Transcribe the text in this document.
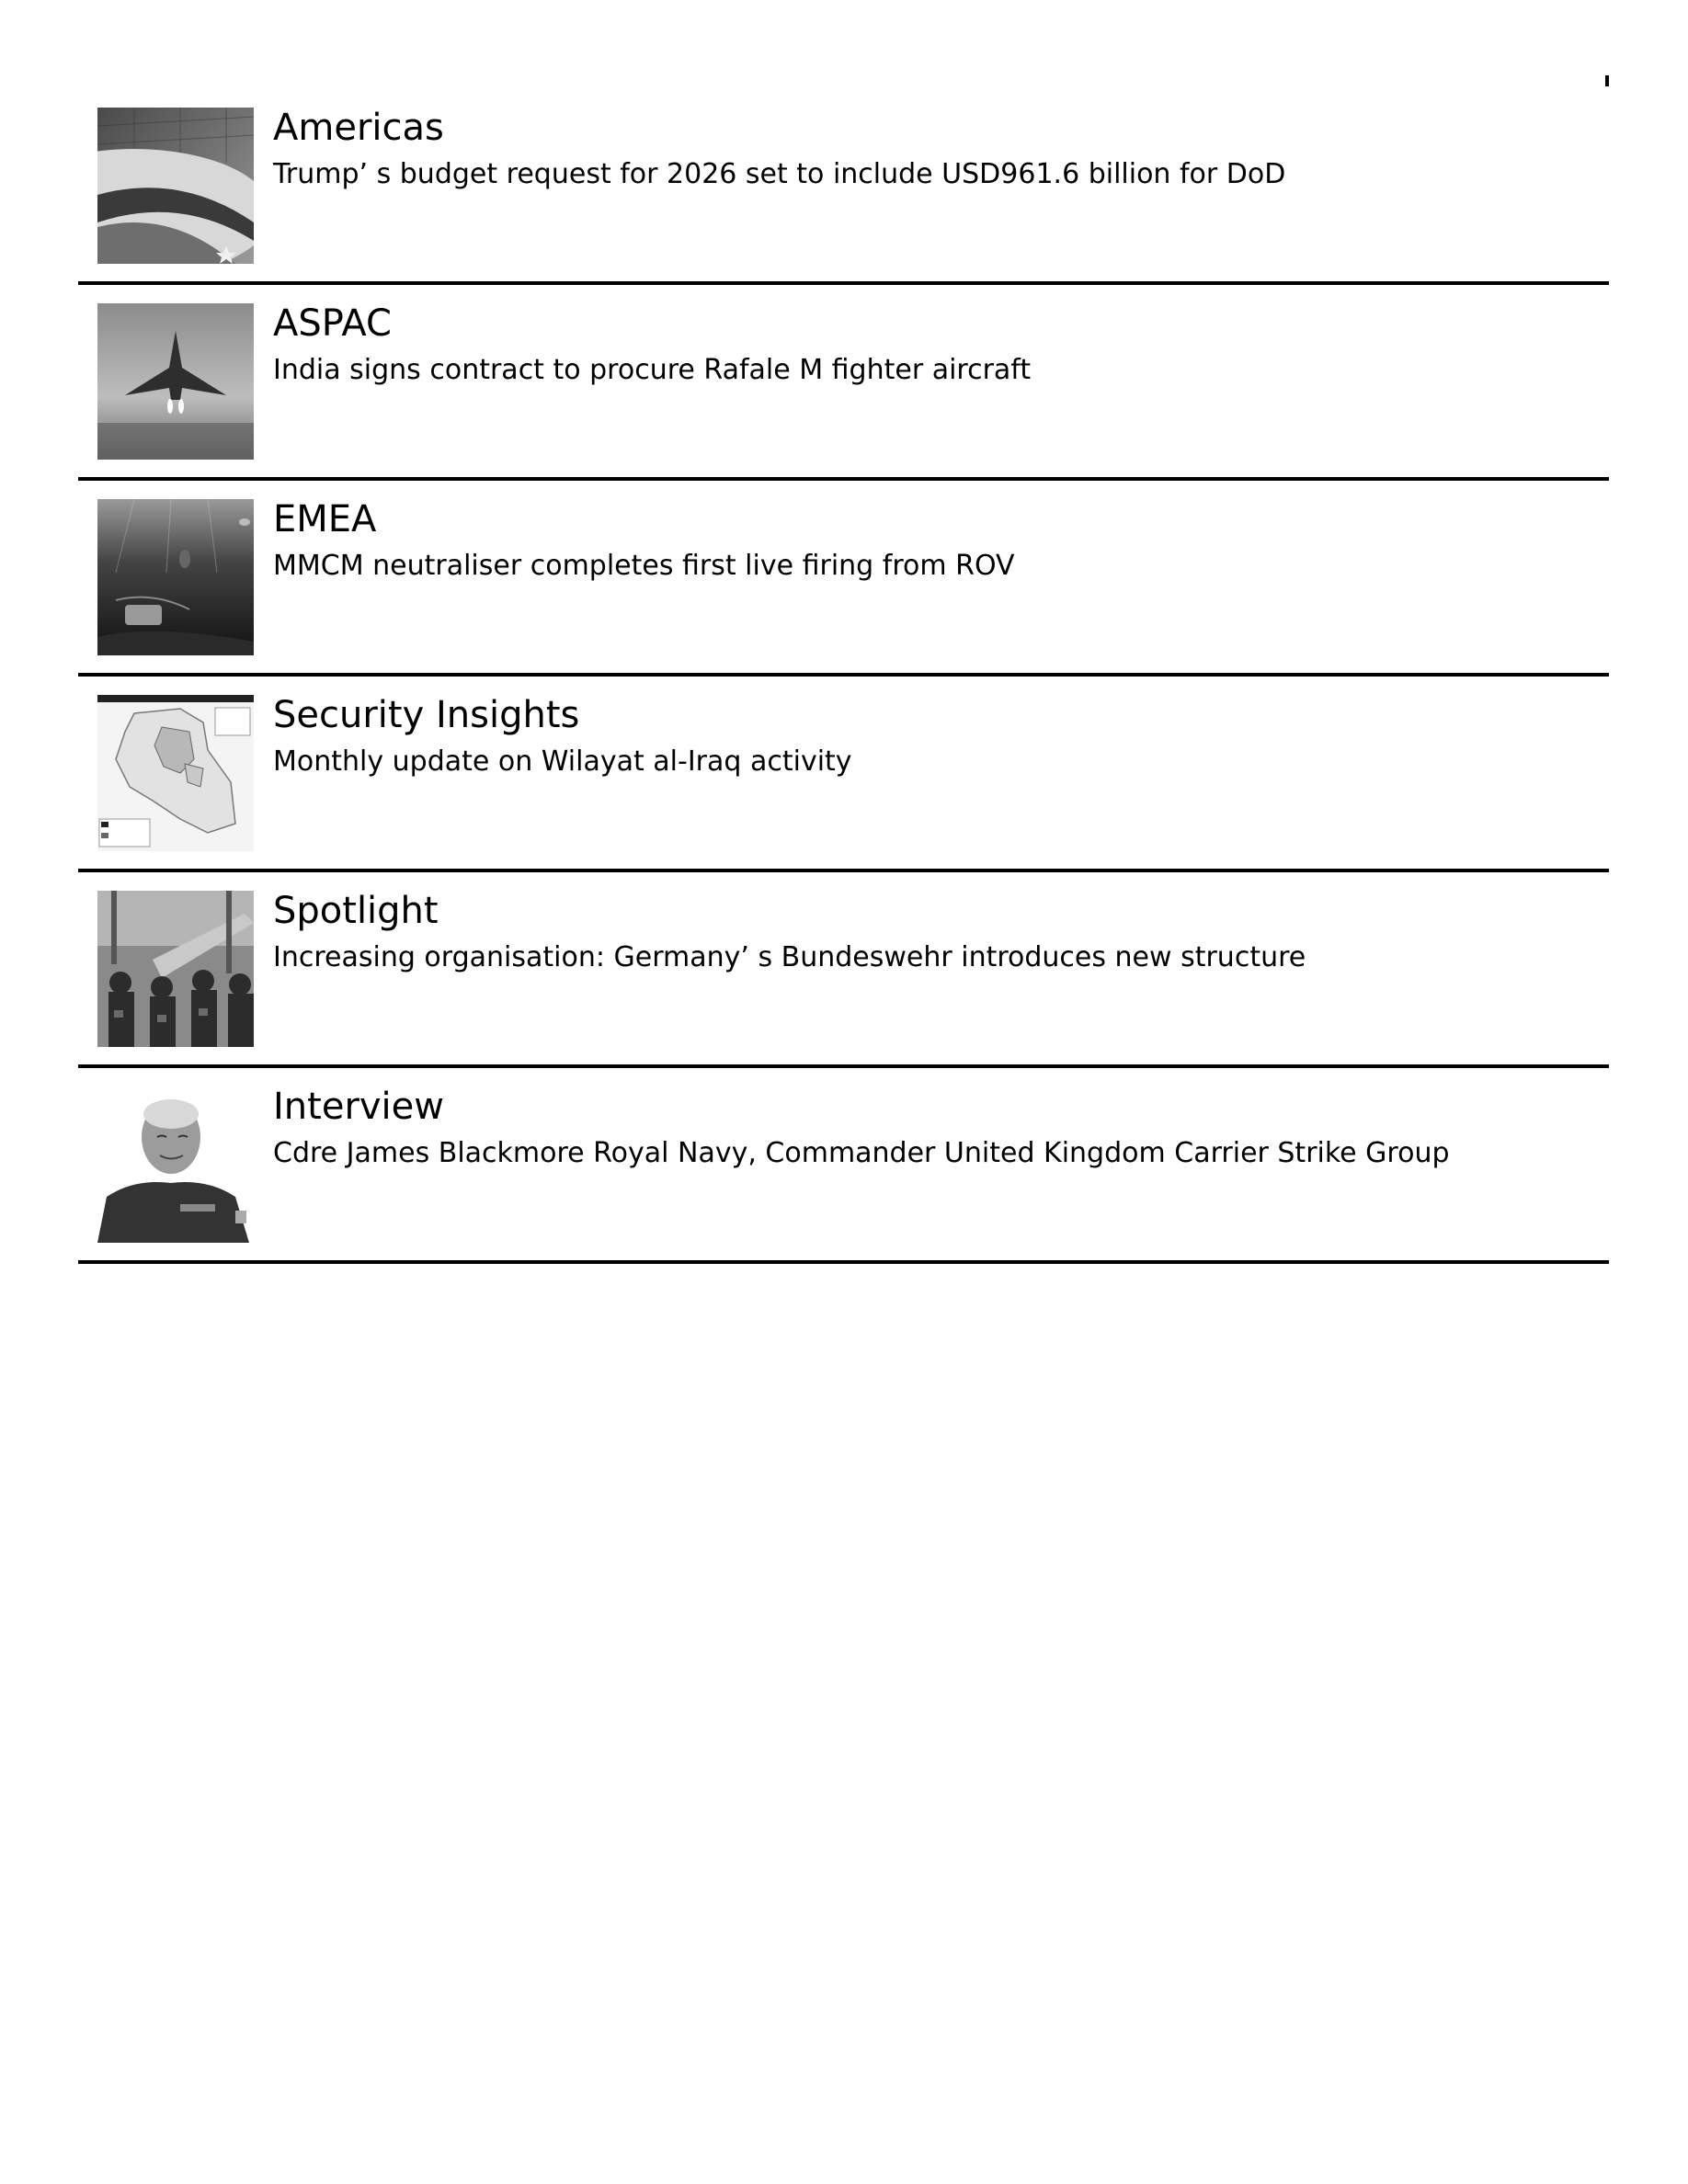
Americas

Trump’ s budget request for 2026 set to include USD961.6 billion for DoD

ASPAC

India signs contract to procure Rafale M fighter aircraft

EMEA

MMCM neutraliser completes first live firing from ROV

Security Insights

Monthly update on Wilayat al-Iraq activity

Spotlight

Increasing organisation: Germany’ s Bundeswehr introduces new structure

Interview

Cdre James Blackmore Royal Navy, Commander United Kingdom Carrier Strike Group
